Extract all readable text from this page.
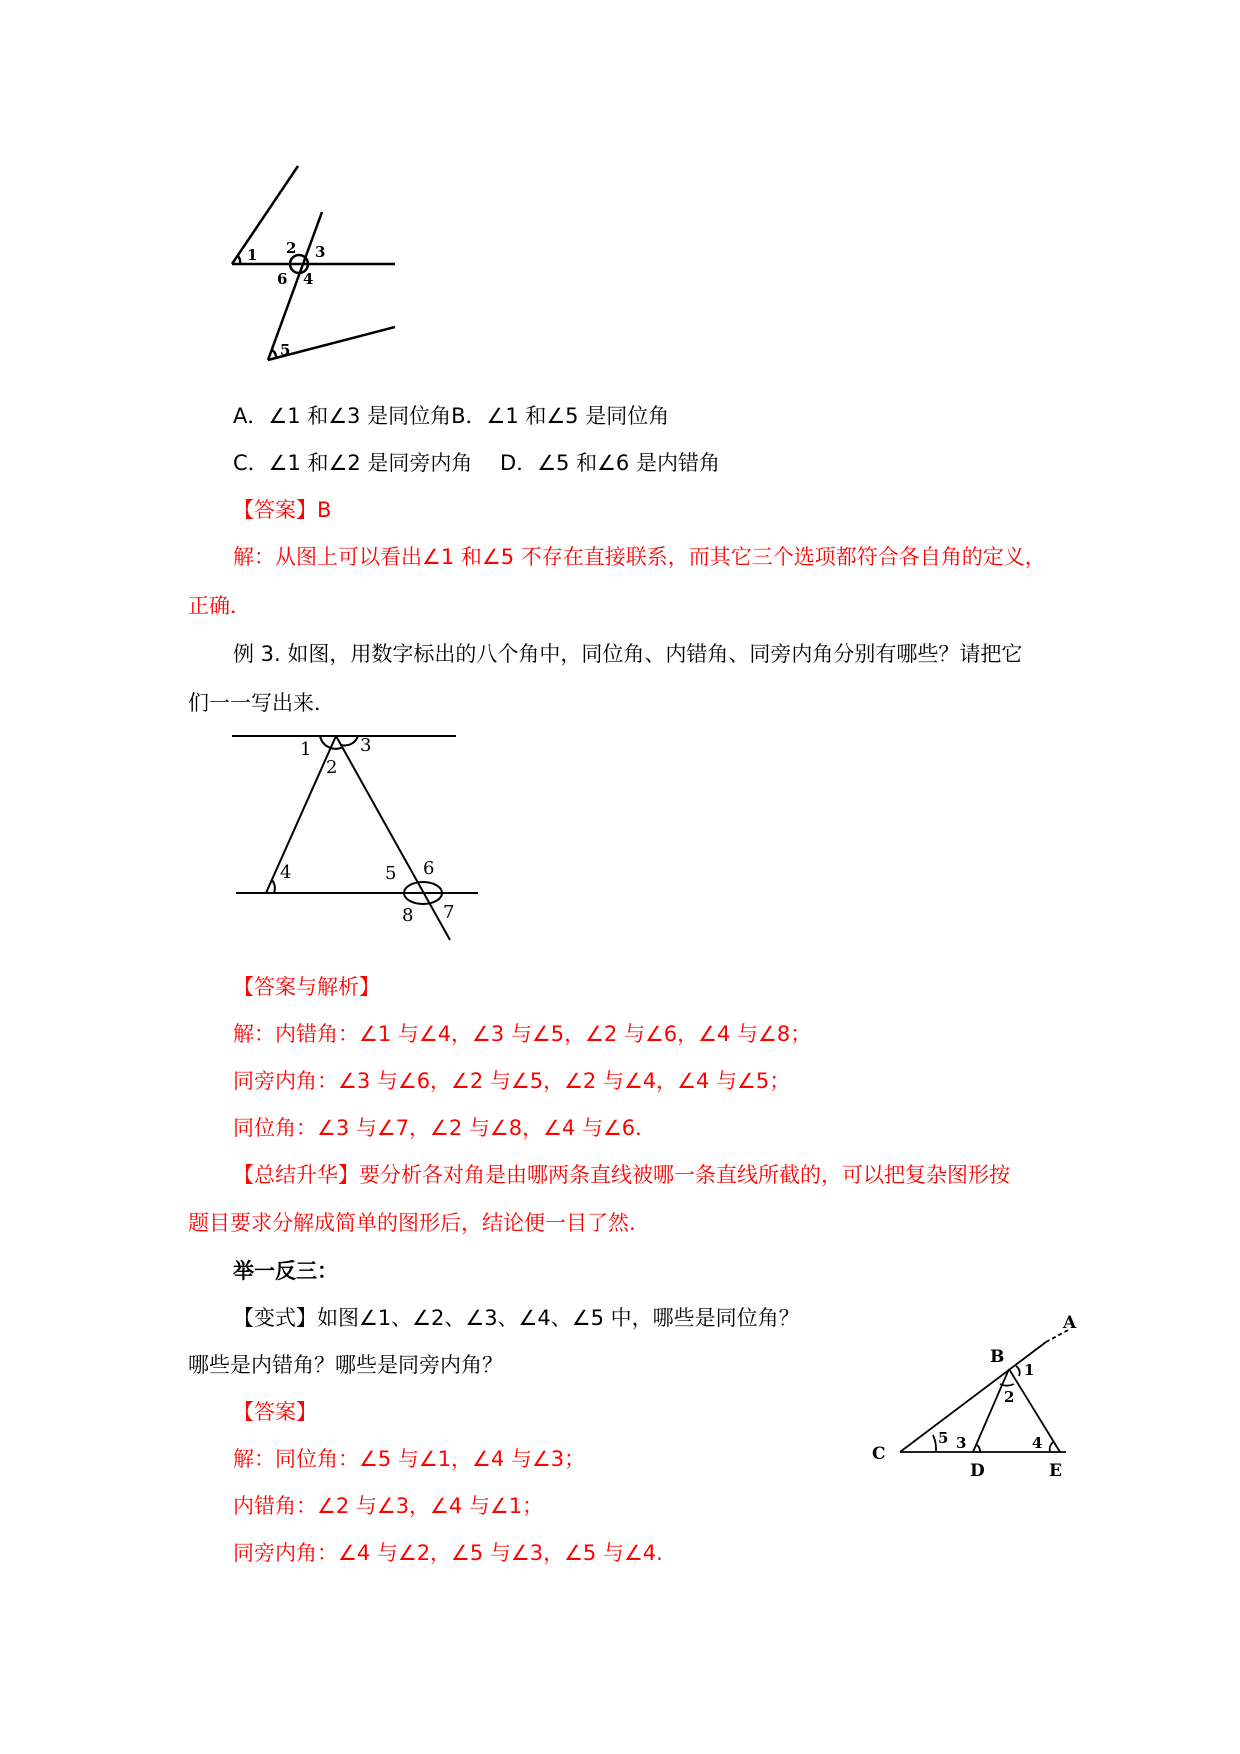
1 2 3
4
5
6
A．∠1 和∠3 是同位角B．∠1 和∠5 是同位角
C．∠1 和∠2 是同旁内角　 D．∠5 和∠6 是内错角
【答案】B
解：从图上可以看出∠1 和∠5 不存在直接联系，而其它三个选项都符合各自角的定义，
正确．
例 3. 如图，用数字标出的八个角中，同位角、内错角、同旁内角分别有哪些？请把它
们一一写出来．
1
2
3
4	5 6
7
8
【答案与解析】
解：内错角：∠1 与∠4，∠3 与∠5，∠2 与∠6，∠4 与∠8；
同旁内角：∠3 与∠6，∠2 与∠5，∠2 与∠4，∠4 与∠5；
同位角：∠3 与∠7，∠2 与∠8，∠4 与∠6．
【总结升华】要分析各对角是由哪两条直线被哪一条直线所截的，可以把复杂图形按
题目要求分解成简单的图形后，结论便一目了然.
举一反三：
【变式】如图∠1、∠2、∠3、∠4、∠5 中，哪些是同位角？
哪些是内错角？哪些是同旁内角？
【答案】
解：同位角：∠5 与∠1，∠4 与∠3；
内错角：∠2 与∠3，∠4 与∠1；
同旁内角：∠4 与∠2，∠5 与∠3，∠5 与∠4.
A
B
C
D	E
1
2
3	4
5
